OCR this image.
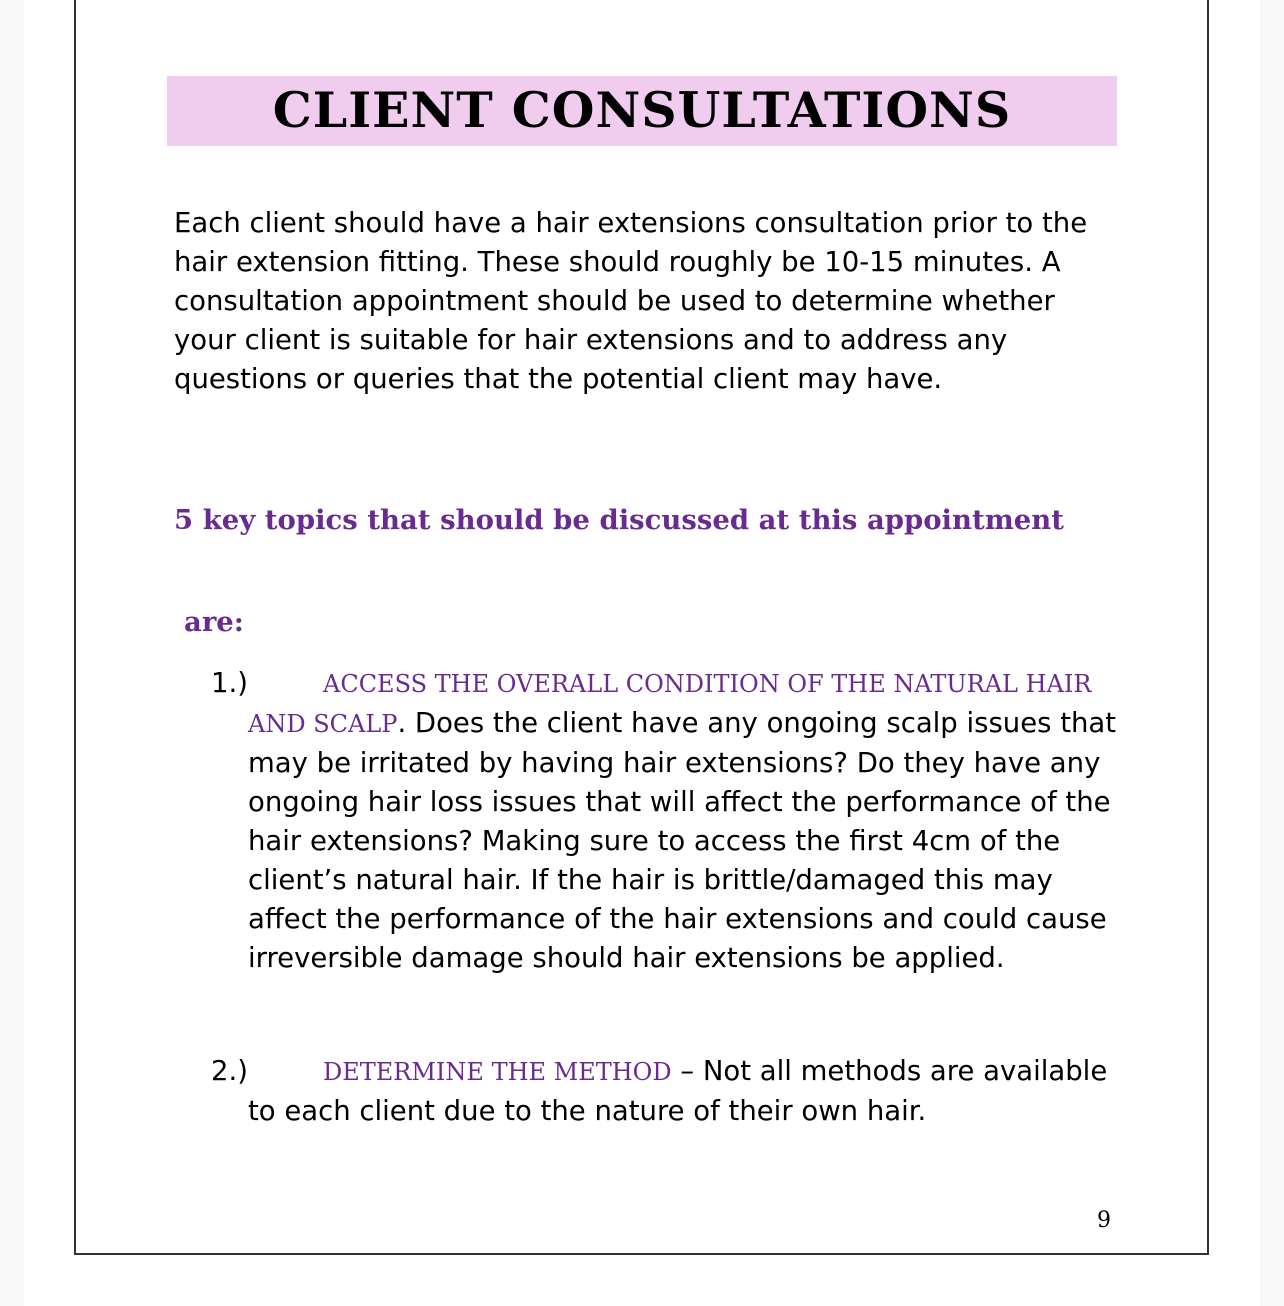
CLIENT CONSULTATIONS

Each client should have a hair extensions consultation prior to the hair extension fitting. These should roughly be 10-15 minutes. A consultation appointment should be used to determine whether your client is suitable for hair extensions and to address any questions or queries that the potential client may have.

5 key topics that should be discussed at this appointment

are:

1.)	ACCESS THE OVERALL CONDITION OF THE NATURAL HAIR AND SCALP. Does the client have any ongoing scalp issues that may be irritated by having hair extensions? Do they have any ongoing hair loss issues that will affect the performance of the hair extensions? Making sure to access the first 4cm of the client’s natural hair. If the hair is brittle/damaged this may affect the performance of the hair extensions and could cause irreversible damage should hair extensions be applied.

2.)	DETERMINE THE METHOD – Not all methods are available to each client due to the nature of their own hair.

9
